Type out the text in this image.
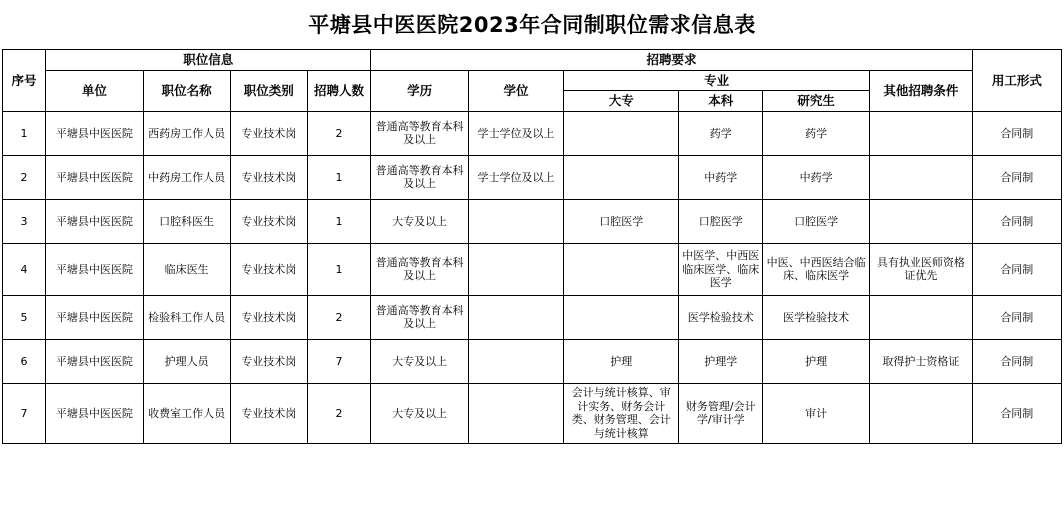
平塘县中医医院2023年合同制职位需求信息表
序号	职位信息				招聘要求						用工形式
	单位	职位名称	职位类别	招聘人数	学历	学位	专业			其他招聘条件	
							大专	本科	研究生		
1	平塘县中医医院	西药房工作人员	专业技术岗	2	普通高等教育本科及以上	学士学位及以上		药学	药学		合同制
2	平塘县中医医院	中药房工作人员	专业技术岗	1	普通高等教育本科及以上	学士学位及以上		中药学	中药学		合同制
3	平塘县中医医院	口腔科医生	专业技术岗	1	大专及以上		口腔医学	口腔医学	口腔医学		合同制
4	平塘县中医医院	临床医生	专业技术岗	1	普通高等教育本科及以上			中医学、中西医临床医学、临床医学	中医、中西医结合临床、临床医学	具有执业医师资格证优先	合同制
5	平塘县中医医院	检验科工作人员	专业技术岗	2	普通高等教育本科及以上			医学检验技术	医学检验技术		合同制
6	平塘县中医医院	护理人员	专业技术岗	7	大专及以上		护理	护理学	护理	取得护士资格证	合同制
7	平塘县中医医院	收费室工作人员	专业技术岗	2	大专及以上		会计与统计核算、审计实务、财务会计类、财务管理、会计与统计核算	财务管理/会计学/审计学	审计		合同制
